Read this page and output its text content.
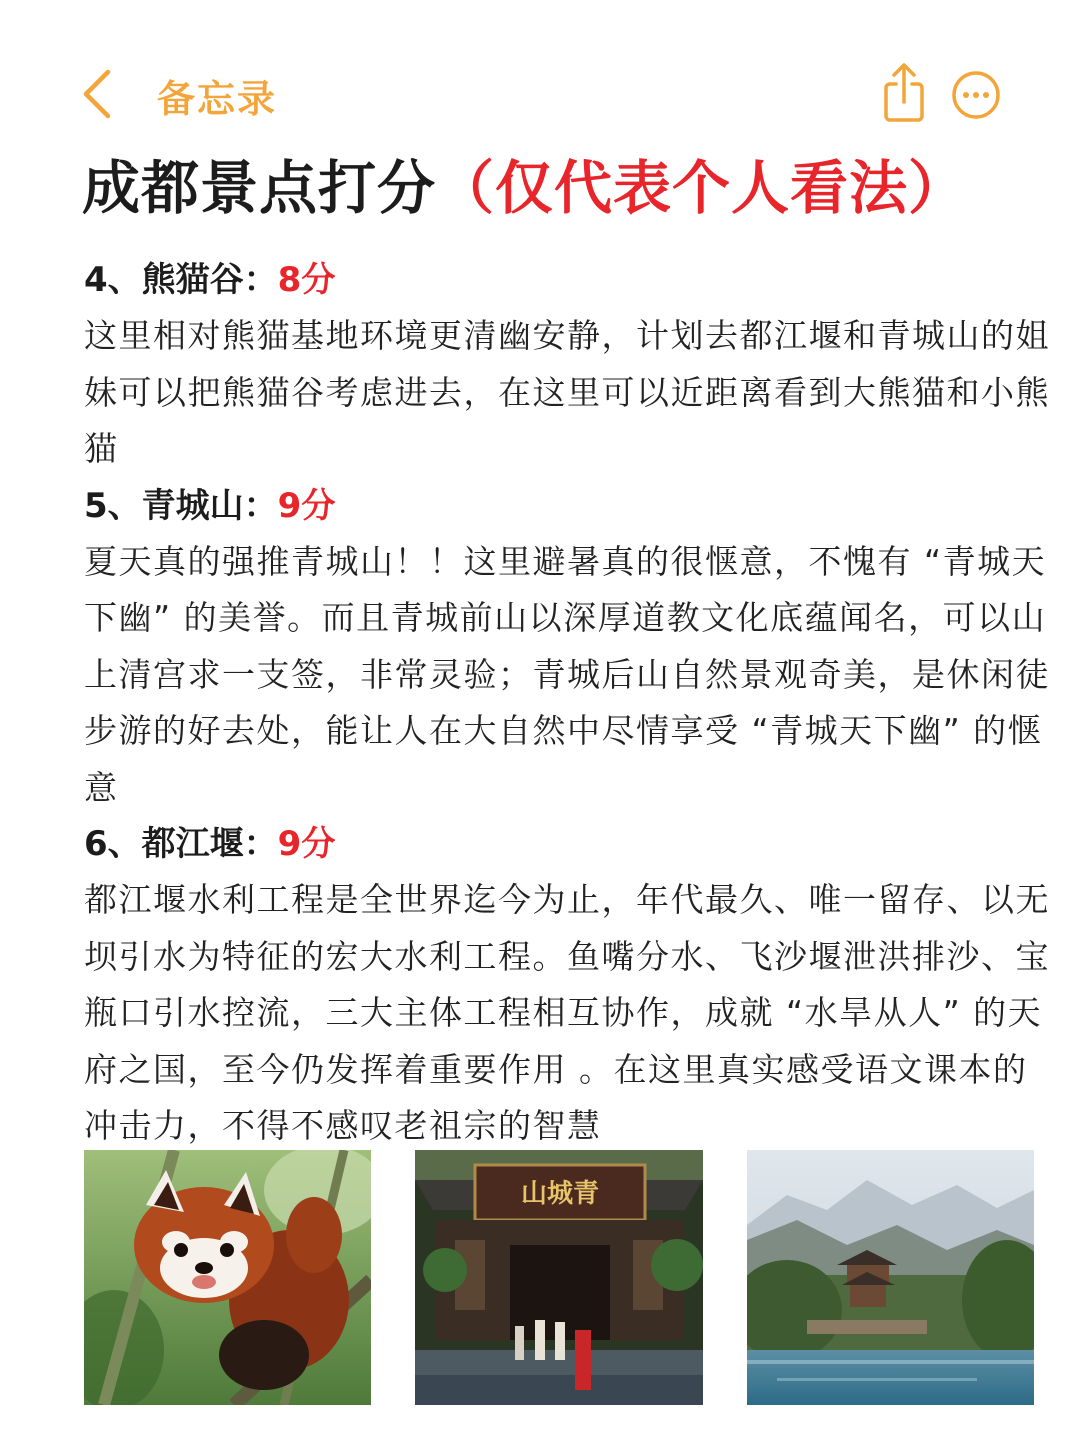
备忘录
成都景点打分（仅代表个人看法）
4、熊猫谷：8分
这里相对熊猫基地环境更清幽安静，计划去都江堰和青城山的姐妹可以把熊猫谷考虑进去，在这里可以近距离看到大熊猫和小熊猫
5、青城山：9分
夏天真的强推青城山！！这里避暑真的很惬意，不愧有 “青城天下幽” 的美誉。而且青城前山以深厚道教文化底蕴闻名，可以山上清宫求一支签，非常灵验；青城后山自然景观奇美，是休闲徒步游的好去处，能让人在大自然中尽情享受 “青城天下幽” 的惬意
6、都江堰：9分
都江堰水利工程是全世界迄今为止，年代最久、唯一留存、以无坝引水为特征的宏大水利工程。鱼嘴分水、飞沙堰泄洪排沙、宝瓶口引水控流，三大主体工程相互协作，成就 “水旱从人” 的天府之国，至今仍发挥着重要作用 。在这里真实感受语文课本的冲击力，不得不感叹老祖宗的智慧
山城青
